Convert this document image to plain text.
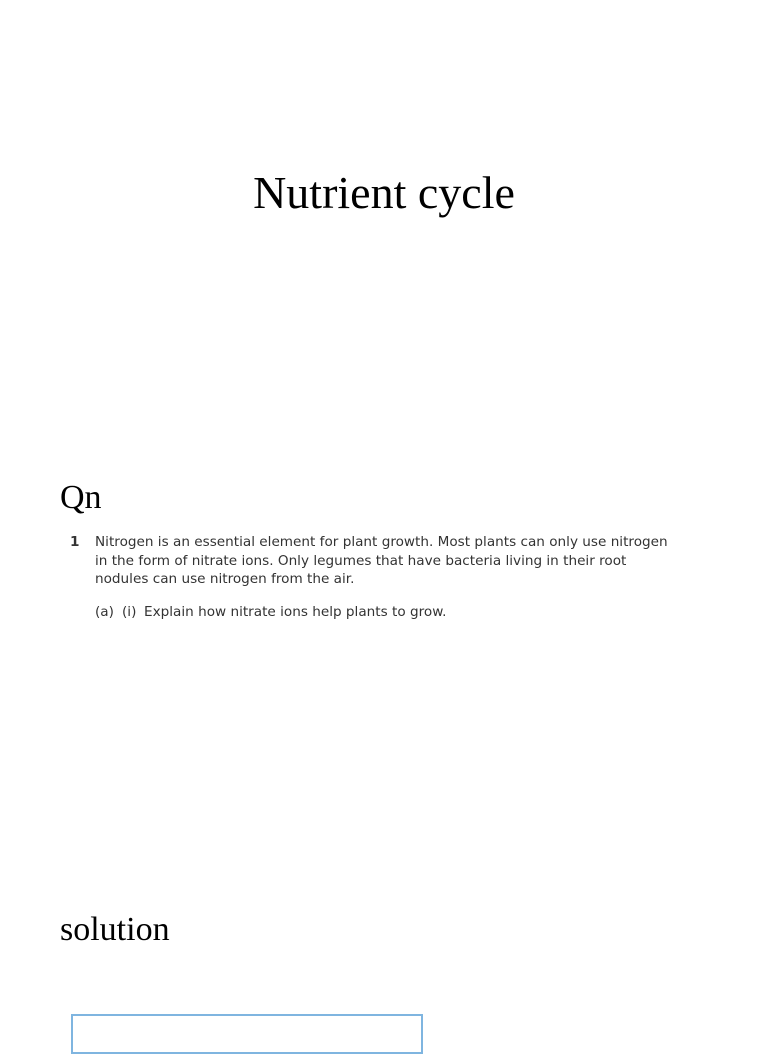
Nutrient cycle
Qn
1 Nitrogen is an essential element for plant growth. Most plants can only use nitrogen
in the form of nitrate ions. Only legumes that have bacteria living in their root
nodules can use nitrogen from the air.
(a) (i) Explain how nitrate ions help plants to grow.
solution
